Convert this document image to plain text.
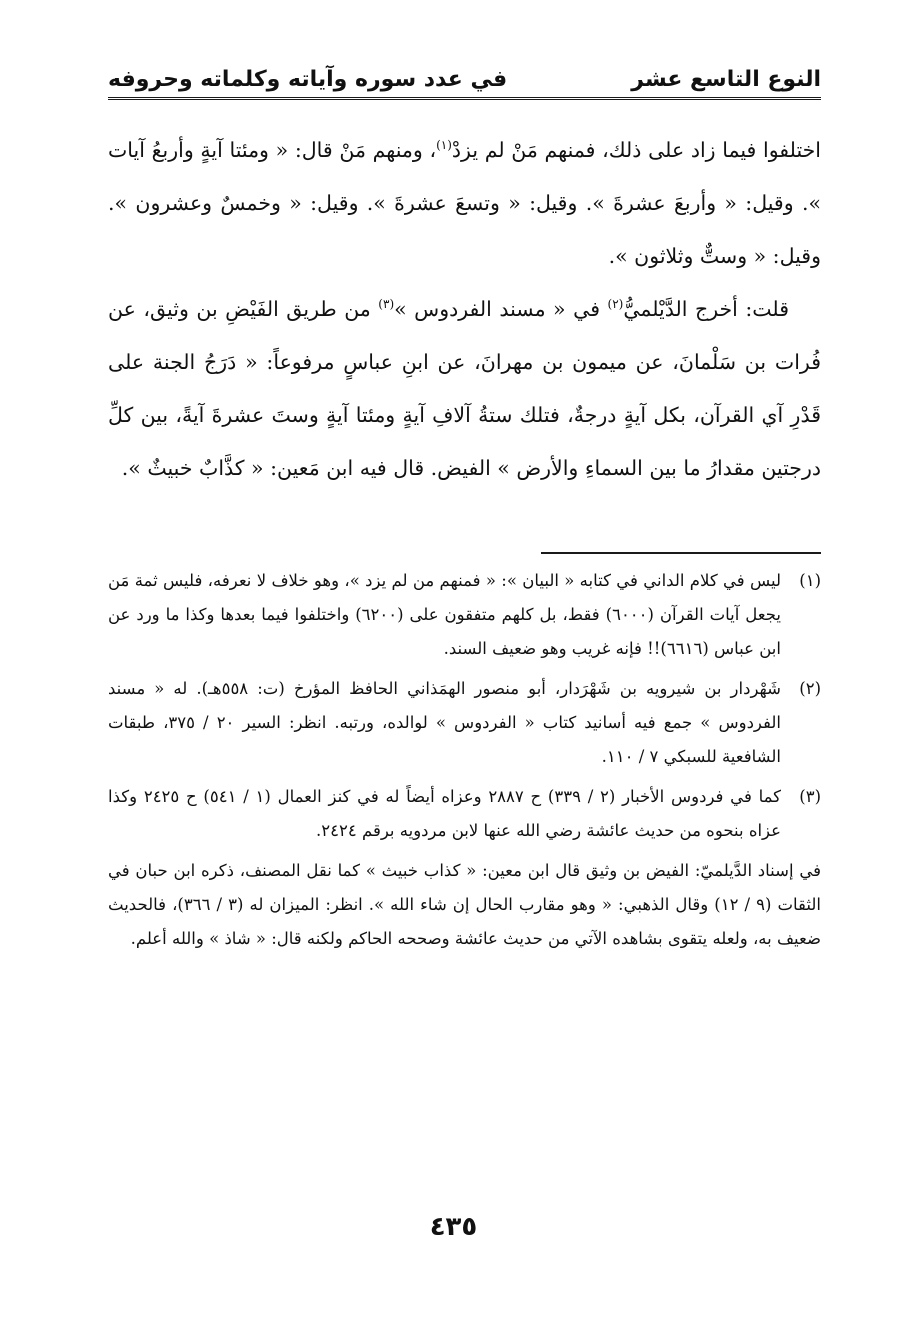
النوع التاسع عشر
في عدد سوره وآياته وكلماته وحروفه

اختلفوا فيما زاد على ذلك، فمنهم مَنْ لم يزدْ$^{(١)}$، ومنهم مَنْ قال: « ومئتا آيةٍ وأربعُ آيات ». وقيل: « وأربعَ عشرةَ ». وقيل: « وتسعَ عشرةَ ». وقيل: « وخمسٌ وعشرون ». وقيل: « وستٌّ وثلاثون ».

قلت: أخرج الدَّيْلميُّ$^{(٢)}$ في « مسند الفردوس »$^{(٣)}$ من طريق الفَيْضِ بن وثيق، عن فُرات بن سَلْمانَ، عن ميمون بن مهرانَ، عن ابنِ عباسٍ مرفوعاً: « دَرَجُ الجنة على قَدْرِ آي القرآن، بكل آيةٍ درجةٌ، فتلك ستةُ آلافِ آيةٍ ومئتا آيةٍ وستَ عشرةَ آيةً، بين كلِّ درجتين مقدارُ ما بين السماءِ والأرض » الفيض. قال فيه ابن مَعين: « كذَّابٌ خبيثٌ ».

(١)
ليس في كلام الداني في كتابه « البيان »: « فمنهم من لم يزد »، وهو خلاف لا نعرفه، فليس ثمة مَن يجعل آيات القرآن (٦٠٠٠) فقط، بل كلهم متفقون على (٦٢٠٠) واختلفوا فيما بعدها وكذا ما ورد عن ابن عباس (٦٦١٦)!! فإنه غريب وهو ضعيف السند.

(٢)
شَهْردار بن شيرويه بن شَهْرَدار، أبو منصور الهمَذاني الحافظ المؤرخ (ت: ٥٥٨هـ). له « مسند الفردوس » جمع فيه أسانيد كتاب « الفردوس » لوالده، ورتبه. انظر: السير ٢٠ / ٣٧٥، طبقات الشافعية للسبكي ٧ / ١١٠.

(٣)
كما في فردوس الأخبار (٢ / ٣٣٩) ح ٢٨٨٧ وعزاه أيضاً له في كنز العمال (١ / ٥٤١) ح ٢٤٢٥ وكذا عزاه بنحوه من حديث عائشة رضي الله عنها لابن مردويه برقم ٢٤٢٤.

في إسناد الدَّيلميّ: الفيض بن وثيق قال ابن معين: « كذاب خبيث » كما نقل المصنف، ذكره ابن حبان في الثقات (٩ / ١٢) وقال الذهبي: « وهو مقارب الحال إن شاء الله ». انظر: الميزان له (٣ / ٣٦٦)، فالحديث ضعيف به، ولعله يتقوى بشاهده الآتي من حديث عائشة وصححه الحاكم ولكنه قال: « شاذ » والله أعلم.

٤٣٥
